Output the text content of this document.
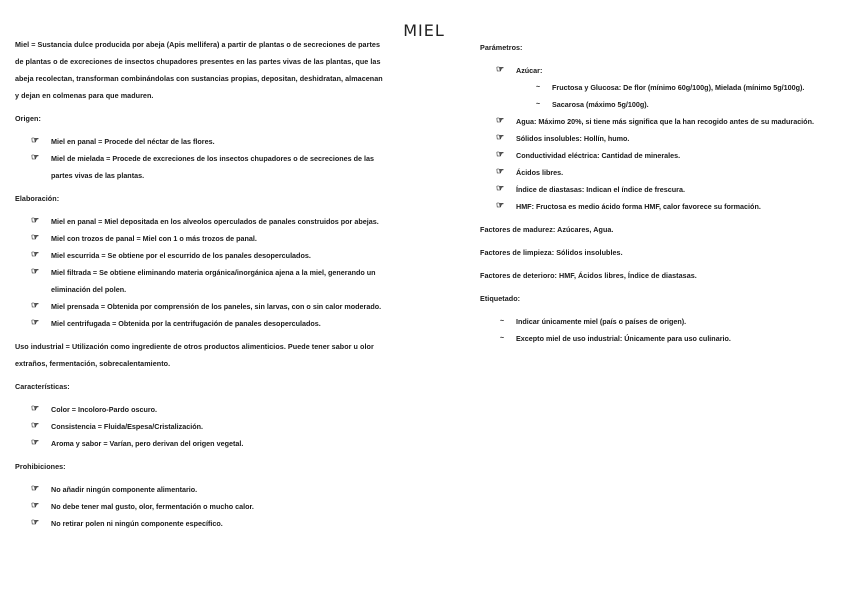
MIEL

Miel = Sustancia dulce producida por abeja (Apis mellifera) a partir de plantas o de secreciones de partes de plantas o de excreciones de insectos chupadores presentes en las partes vivas de las plantas, que las abeja recolectan, transforman combinándolas con sustancias propias, depositan, deshidratan, almacenan y dejan en colmenas para que maduren.

Origen:

☞ Miel en panal = Procede del néctar de las flores.
☞ Miel de mielada = Procede de excreciones de los insectos chupadores o de secreciones de las partes vivas de las plantas.

Elaboración:

☞ Miel en panal = Miel depositada en los alveolos operculados de panales construidos por abejas.
☞ Miel con trozos de panal = Miel con 1 o más trozos de panal.
☞ Miel escurrida = Se obtiene por el escurrido de los panales desoperculados.
☞ Miel filtrada = Se obtiene eliminando materia orgánica/inorgánica ajena a la miel, generando un eliminación del polen.
☞ Miel prensada = Obtenida por comprensión de los paneles, sin larvas, con o sin calor moderado.
☞ Miel centrifugada = Obtenida por la centrifugación de panales desoperculados.

Uso industrial = Utilización como ingrediente de otros productos alimenticios. Puede tener sabor u olor extraños, fermentación, sobrecalentamiento.

Características:

☞ Color = Incoloro-Pardo oscuro.
☞ Consistencia = Fluida/Espesa/Cristalización.
☞ Aroma y sabor = Varían, pero derivan del origen vegetal.

Prohibiciones:

☞ No añadir ningún componente alimentario.
☞ No debe tener mal gusto, olor, fermentación o mucho calor.
☞ No retirar polen ni ningún componente específico.

Parámetros:

☞ Azúcar:
~ Fructosa y Glucosa: De flor (mínimo 60g/100g), Mielada (mínimo 5g/100g).
~ Sacarosa (máximo 5g/100g).
☞ Agua: Máximo 20%, si tiene más significa que la han recogido antes de su maduración.
☞ Sólidos insolubles: Hollín, humo.
☞ Conductividad eléctrica: Cantidad de minerales.
☞ Ácidos libres.
☞ Índice de diastasas: Indican el índice de frescura.
☞ HMF: Fructosa es medio ácido forma HMF, calor favorece su formación.

Factores de madurez: Azúcares, Agua.

Factores de limpieza: Sólidos insolubles.

Factores de deterioro: HMF, Ácidos libres, Índice de diastasas.

Etiquetado:

~ Indicar únicamente miel (país o países de origen).
~ Excepto miel de uso industrial: Únicamente para uso culinario.
